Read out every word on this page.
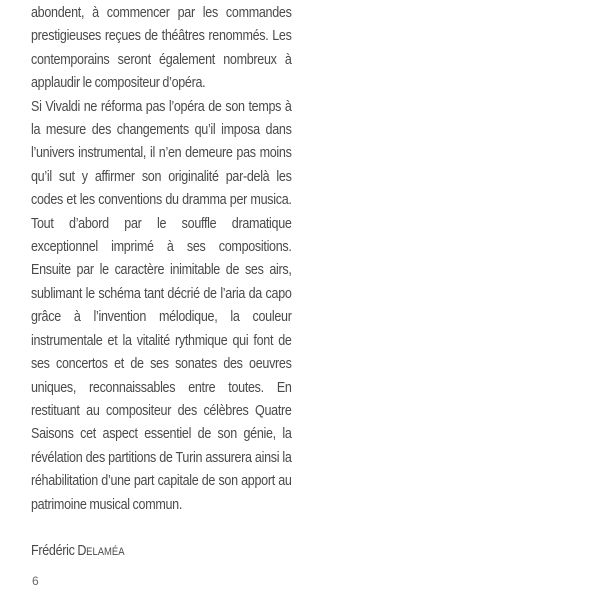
abondent, à commencer par les commandes prestigieuses reçues de théâtres renommés. Les contemporains seront également nombreux à applaudir le compositeur d’opéra.

Si Vivaldi ne réforma pas l’opéra de son temps à la mesure des changements qu’il imposa dans l’univers instrumental, il n’en demeure pas moins qu’il sut y affirmer son originalité par-delà les codes et les conventions du dramma per musica. Tout d’abord par le souffle dramatique exceptionnel imprimé à ses compositions. Ensuite par le caractère inimitable de ses airs, sublimant le schéma tant décrié de l’aria da capo grâce à l’invention mélodique, la couleur instrumentale et la vitalité rythmique qui font de ses concertos et de ses sonates des oeuvres uniques, reconnaissables entre toutes. En restituant au compositeur des célèbres Quatre Saisons cet aspect essentiel de son génie, la révélation des partitions de Turin assurera ainsi la réhabilitation d’une part capitale de son apport au patrimoine musical commun.

Frédéric DELAMÉA

6
